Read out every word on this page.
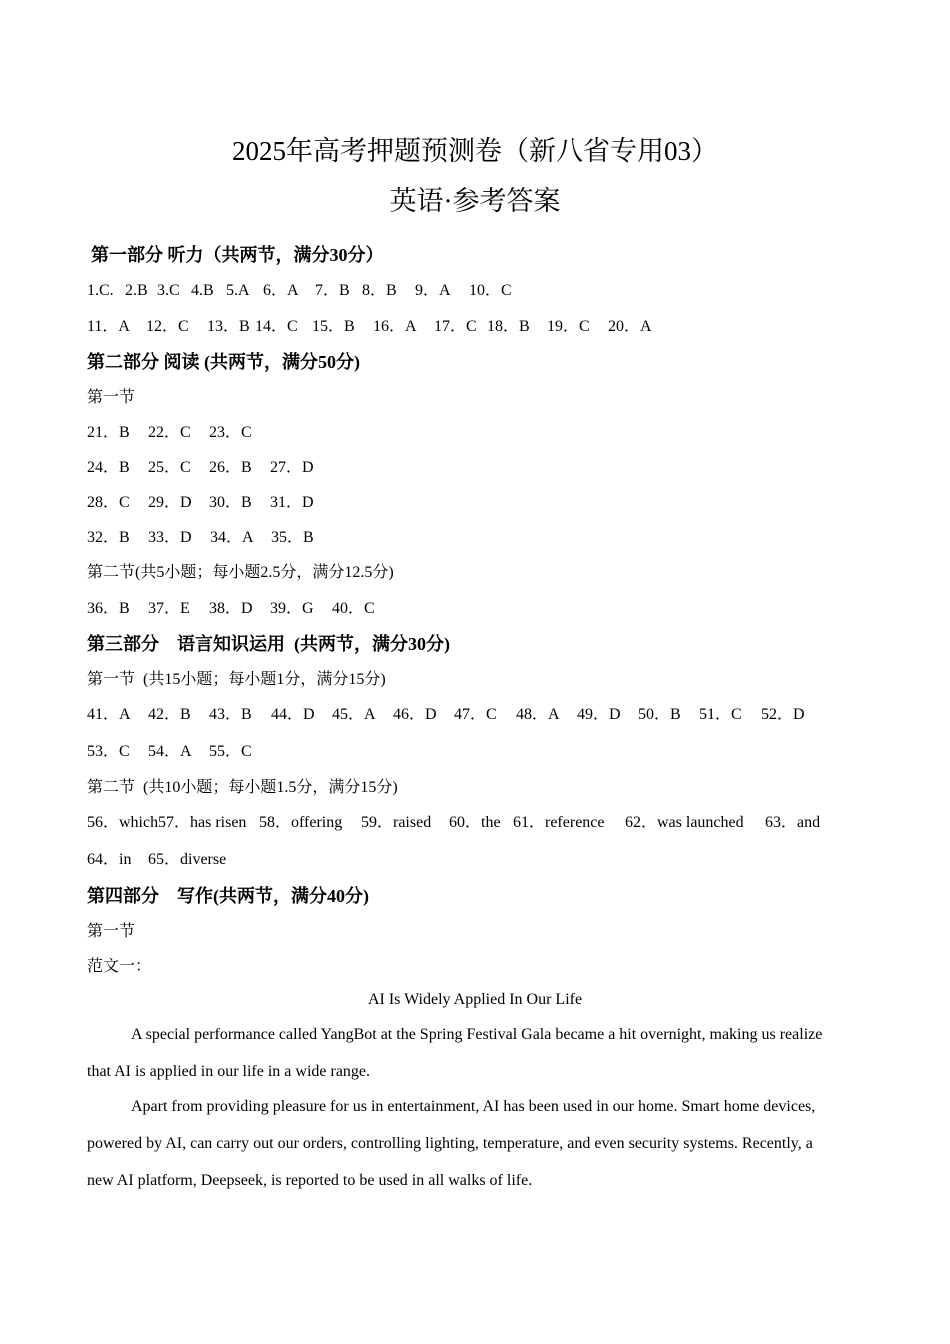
2025年高考押题预测卷（新八省专用03）
英语·参考答案
第一部分 听力（共两节，满分30分）
1.C. 2.B 3.C 4.B 5.A 6．A 7．B 8．B 9．A 10．C
11．A 12．C 13．B 14．C 15．B 16．A 17．C 18．B 19．C 20．A
第二部分 阅读 (共两节，满分50分)
第一节
21．B 22．C 23．C
24．B 25．C 26．B 27．D
28．C 29．D 30．B 31．D
32．B 33．D 34．A 35．B
第二节(共5小题；每小题2.5分，满分12.5分)
36．B 37．E 38．D 39．G 40．C
第三部分    语言知识运用  (共两节，满分30分)
第一节  (共15小题；每小题1分，满分15分)
41．A 42．B 43．B 44．D 45．A 46．D 47．C 48．A 49．D 50．B 51．C 52．D
53．C 54．A 55．C
第二节  (共10小题；每小题1.5分，满分15分)
56．which57．has risen 58．offering 59．raised 60．the 61．reference 62．was launched 63．and
64．in 65．diverse
第四部分    写作(共两节，满分40分)
第一节
范文一：
AI Is Widely Applied In Our Life
A special performance called YangBot at the Spring Festival Gala became a hit overnight, making us realize
that AI is applied in our life in a wide range.
Apart from providing pleasure for us in entertainment, AI has been used in our home. Smart home devices,
powered by AI, can carry out our orders, controlling lighting, temperature, and even security systems. Recently, a
new AI platform, Deepseek, is reported to be used in all walks of life.
